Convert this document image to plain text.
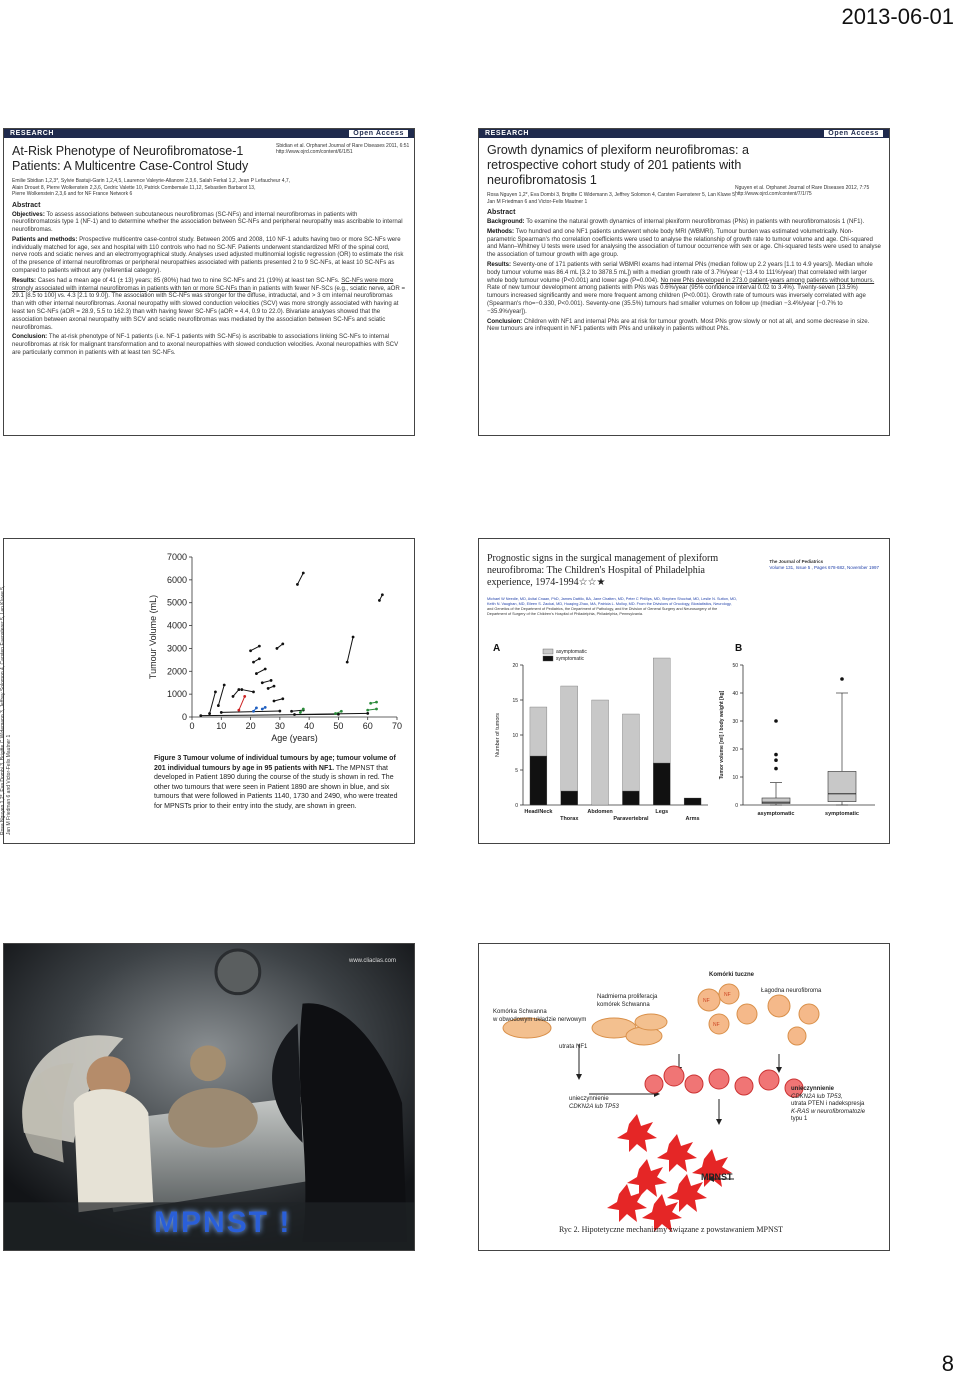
2013-06-01
RESEARCH	Open Access
At-Risk Phenotype of Neurofibromatose-1
Patients: A Multicentre Case-Control Study
Sbidian et al. Orphanet Journal of Rare Diseases 2011, 6:51
http://www.ojrd.com/content/6/1/51
Emilie Sbidian 1,2,3*, Sylvie Bastuji-Garin 1,2,4,5, Laurence Valeyrie-Allanore 2,3,6, Salah Ferkal 1,2, Jean P Lefaucheur 4,7,
Alain Drouet 8, Pierre Wolkenstein 2,3,6, Cedric Valette 10, Patrick Combemale 11,12, Sebastien Barbarot 13,
Pierre Wolkenstein 2,3,6 and for NF France Network 6
Abstract

Objectives: To assess associations between subcutaneous neurofibromas (SC-NFs) and internal neurofibromas in patients with neurofibromatosis type 1 (NF-1) and to determine whether the association between SC-NFs and peripheral neuropathy was ascribable to internal neurofibromas.

Patients and methods: Prospective multicentre case-control study. Between 2005 and 2008, 110 NF-1 adults having two or more SC-NFs were individually matched for age, sex and hospital with 110 controls who had no SC-NF. Patients underwent standardized MRI of the spinal cord, nerve roots and sciatic nerves and an electromyographical study. Analyses used adjusted multinomial logistic regression (OR) to estimate the risk of the presence of internal neurofibromas or peripheral neuropathies associated with patients presented 2 to 9 SC-NFs, at least 10 SC-NFs as compared to patients without any (referential category).

Results: Cases had a mean age of 41 (± 13) years; 85 (80%) had two to nine SC-NFs and 21 (19%) at least ten SC-NFs. SC-NFs were more strongly associated with internal neurofibromas in patients with ten or more SC-NFs than in patients with fewer NF-SCs (e.g., sciatic nerve, aOR = 29.1 [8.5 to 100] vs. 4.3 [2.1 to 9.0]). The association with SC-NFs was stronger for the diffuse, intraductal, and > 3 cm internal neurofibromas than with other internal neurofibromas. Axonal neuropathy with slowed conduction velocities (SCV) was more strongly associated with having at least ten SC-NFs (aOR = 28.9, 5.5 to 162.3) than with having fewer SC-NFs (aOR = 4.4, 0.9 to 22.0). Bivariate analyses showed that the association between axonal neuropathy with SCV and sciatic neurofibromas was mediated by the association between SC-NFs and sciatic neurofibromas.

Conclusion: The at-risk phenotype of NF-1 patients (i.e. NF-1 patients with SC-NFs) is ascribable to associations linking SC-NFs to internal neurofibromas at risk for malignant transformation and to axonal neuropathies with slowed conduction velocities. Axonal neuropathies with SCV are particularly common in patients with at least ten SC-NFs.

RESEARCH	Open Access
Growth dynamics of plexiform neurofibromas: a
retrospective cohort study of 201 patients with
neurofibromatosis 1
Nguyen et al. Orphanet Journal of Rare Diseases 2012, 7:75
http://www.ojrd.com/content/7/1/75
Rosa Nguyen 1,2*, Eva Dombi 3, Brigitte C Widemann 3, Jeffrey Solomon 4, Carsten Fuensterer 5, Lan Kluwe 5,
Jan M Friedman 6 and Victor-Felix Mautner 1
Abstract

Background: To examine the natural growth dynamics of internal plexiform neurofibromas (PNs) in patients with neurofibromatosis 1 (NF1).

Methods: Two hundred and one NF1 patients underwent whole body MRI (WBMRI). Tumour burden was estimated volumetrically. Non-parametric Spearman's rho correlation coefficients were used to analyse the relationship of growth rate to tumour volume and age. Chi-squared and Mann–Whitney U tests were used for analysing the association of tumour occurrence with sex or age. Chi-squared tests were used to analyse the association of tumour growth with age group.

Results: Seventy-one of 171 patients with serial WBMRI exams had internal PNs (median follow up 2.2 years [1.1 to 4.9 years]). Median whole body tumour volume was 86.4 mL [3.2 to 3878.5 mL]) with a median growth rate of 3.7%/year (−13.4 to 111%/year) that correlated with larger whole body tumour volume (P<0.001) and lower age (P=0.004). No new PNs developed in 273.0 patient-years among patients without tumours. Rate of new tumour development among patients with PNs was 0.6%/year (95% confidence interval 0.02 to 3.4%). Twenty-seven (13.5%) tumours increased significantly and were more frequent among children (P<0.001). Growth rate of tumours was inversely correlated with age (Spearman's rho=−0.330, P<0.001). Seventy-one (35.5%) tumours had smaller volumes on follow up (median −3.4%/year [−0.7% to −35.9%/year]).

Conclusion: Children with NF1 and internal PNs are at risk for tumour growth. Most PNs grow slowly or not at all, and some decrease in size. New tumours are infrequent in NF1 patients with PNs and unlikely in patients without PNs.

Rosa Nguyen 1,2*, Eva Dombi 3, Brigitte C Widemann 3, Jeffrey Solomon 4, Carsten Fuensterer 5, Lan Kluwe 5, Jan M Friedman 6 and Victor-Felix Mautner 1
0 10 20 30 40 50 60 70
0
1000
2000
3000
4000
5000
6000
7000
Age (years)
Tumour Volume (mL)
Figure 3 Tumour volume of individual tumours by age; tumour volume of 201 individual tumours by age in 95 patients with NF1. The MPNST that developed in Patient 1890 during the course of the study is shown in red. The other two tumours that were seen in Patient 1890 are shown in blue, and six tumours that were followed in Patients 1140, 1730 and 2490, who were treated for MPNSTs prior to their entry into the study, are shown in green.
Prognostic signs in the surgical management of plexiform
neurofibroma: The Children's Hospital of Philadelphia
experience, 1974-1994☆☆★
The Journal of Pediatrics
Volume 131, Issue 5 , Pages 678-682, November 1997
Michael W Needle, MD, Avital Cnaan, PhD, James Dattilo, BA, Jane Chatten, MD, Peter C Phillips, MD, Stephen Shochat, MD, Leslie N. Sutton, MD,
Keith N. Vaughan, MD, Eileen S. Zackai, MD, Huaqing Zhao, MA, Patricia L. Molloy, MD. From the Divisions of Oncology, Biostatistics, Neurology,
and Genetics of the Department of Pediatrics, the Department of Pathology, and the Division of General Surgery and Neurosurgery of the
Department of Surgery of the Children's Hospital of Philadelphia, Philadelphia, Pennsylvania.
A
0
5
10
15
20
Number of tumors
asymptomatic
symptomatic
Head/Neck
Thorax
Abdomen
Paravertebral
Legs
Arms
B
0
10
20
30
40
50
Tumor volume [ml] / body weight [kg]
asymptomatic	symptomatic
www.cliaclas.com
MPNST !
NF
NF
NF
Komórki tuczne
Komórka Schwanna
w obwodowym układzie nerwowym
Nadmierna proliferacja
komórek Schwanna
Łagodna neurofibroma
utrata NF1
unieczynnienie
CDKN2A lub TP53
unieczynnienie
CDKN2A lub TP53,
utrata PTEN i nadekspresja
K-RAS w neurofibromatozie
typu 1
MPNST
Ryc 2. Hipotetyczne mechanizmy związane z powstawaniem MPNST
8
